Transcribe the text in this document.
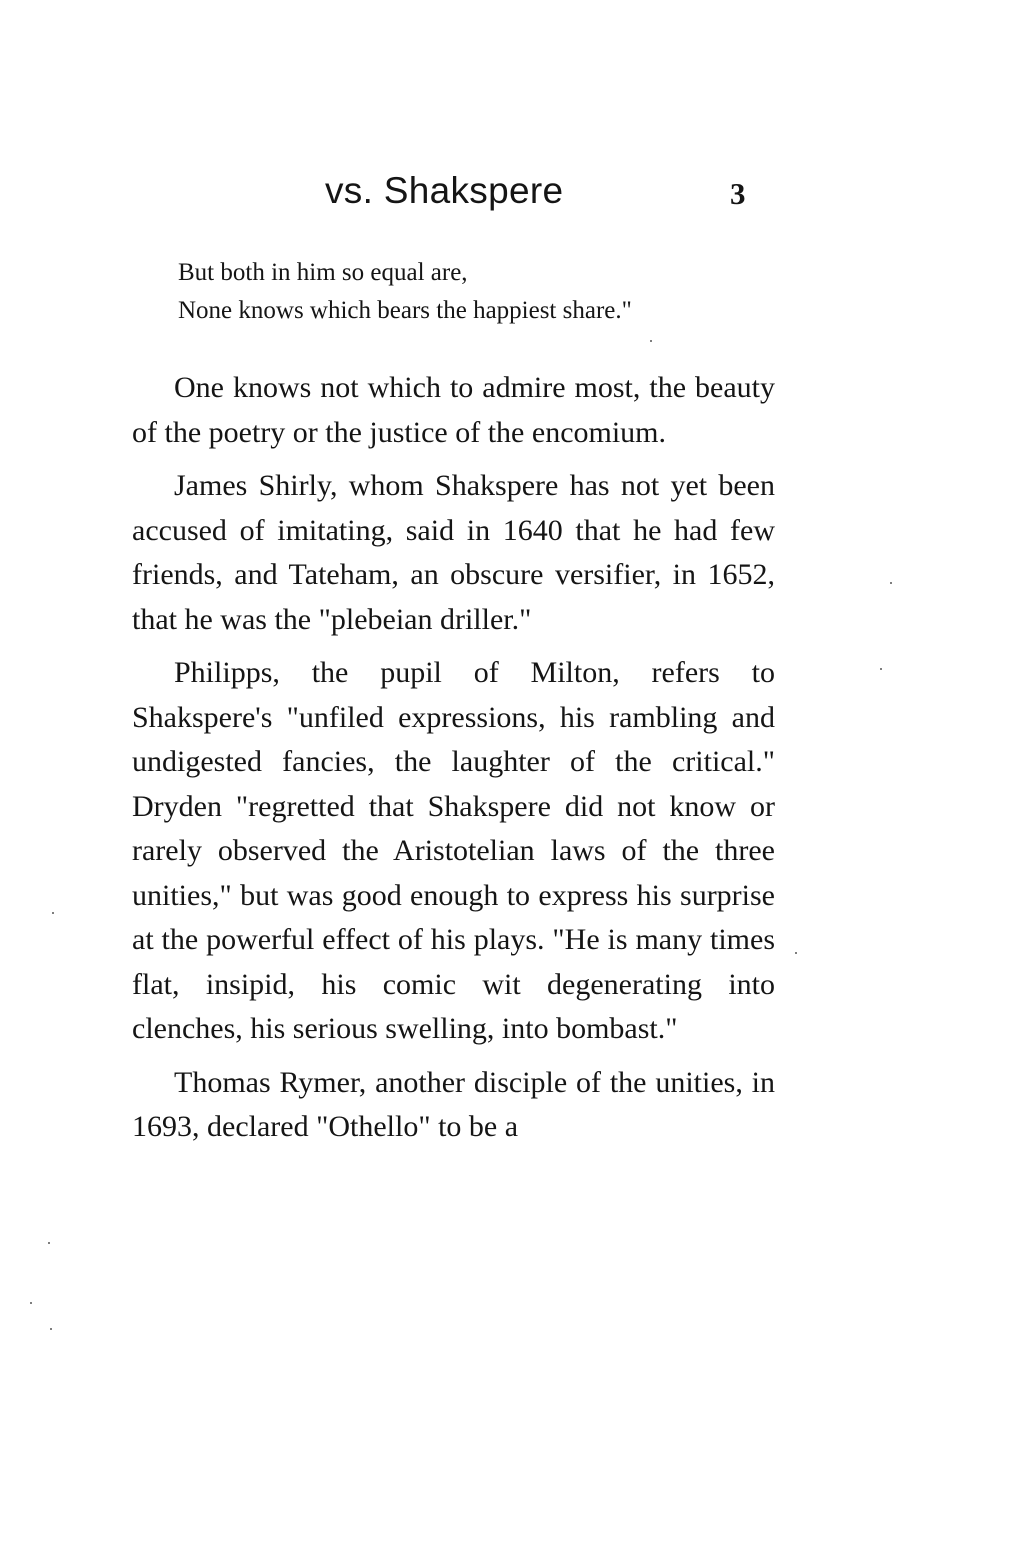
vs. Shakspere	3
But both in him so equal are,
None knows which bears the happiest share."

One knows not which to admire most, the beauty of the poetry or the justice of the encomium.

James Shirly, whom Shakspere has not yet been accused of imitating, said in 1640 that he had few friends, and Tateham, an obscure versifier, in 1652, that he was the "plebeian driller."

Philipps, the pupil of Milton, refers to Shakspere's "unfiled expressions, his rambling and undigested fancies, the laughter of the critical." Dryden "regretted that Shakspere did not know or rarely observed the Aristotelian laws of the three unities," but was good enough to express his surprise at the powerful effect of his plays. "He is many times flat, insipid, his comic wit degenerating into clenches, his serious swelling, into bombast."

Thomas Rymer, another disciple of the unities, in 1693, declared "Othello" to be a
